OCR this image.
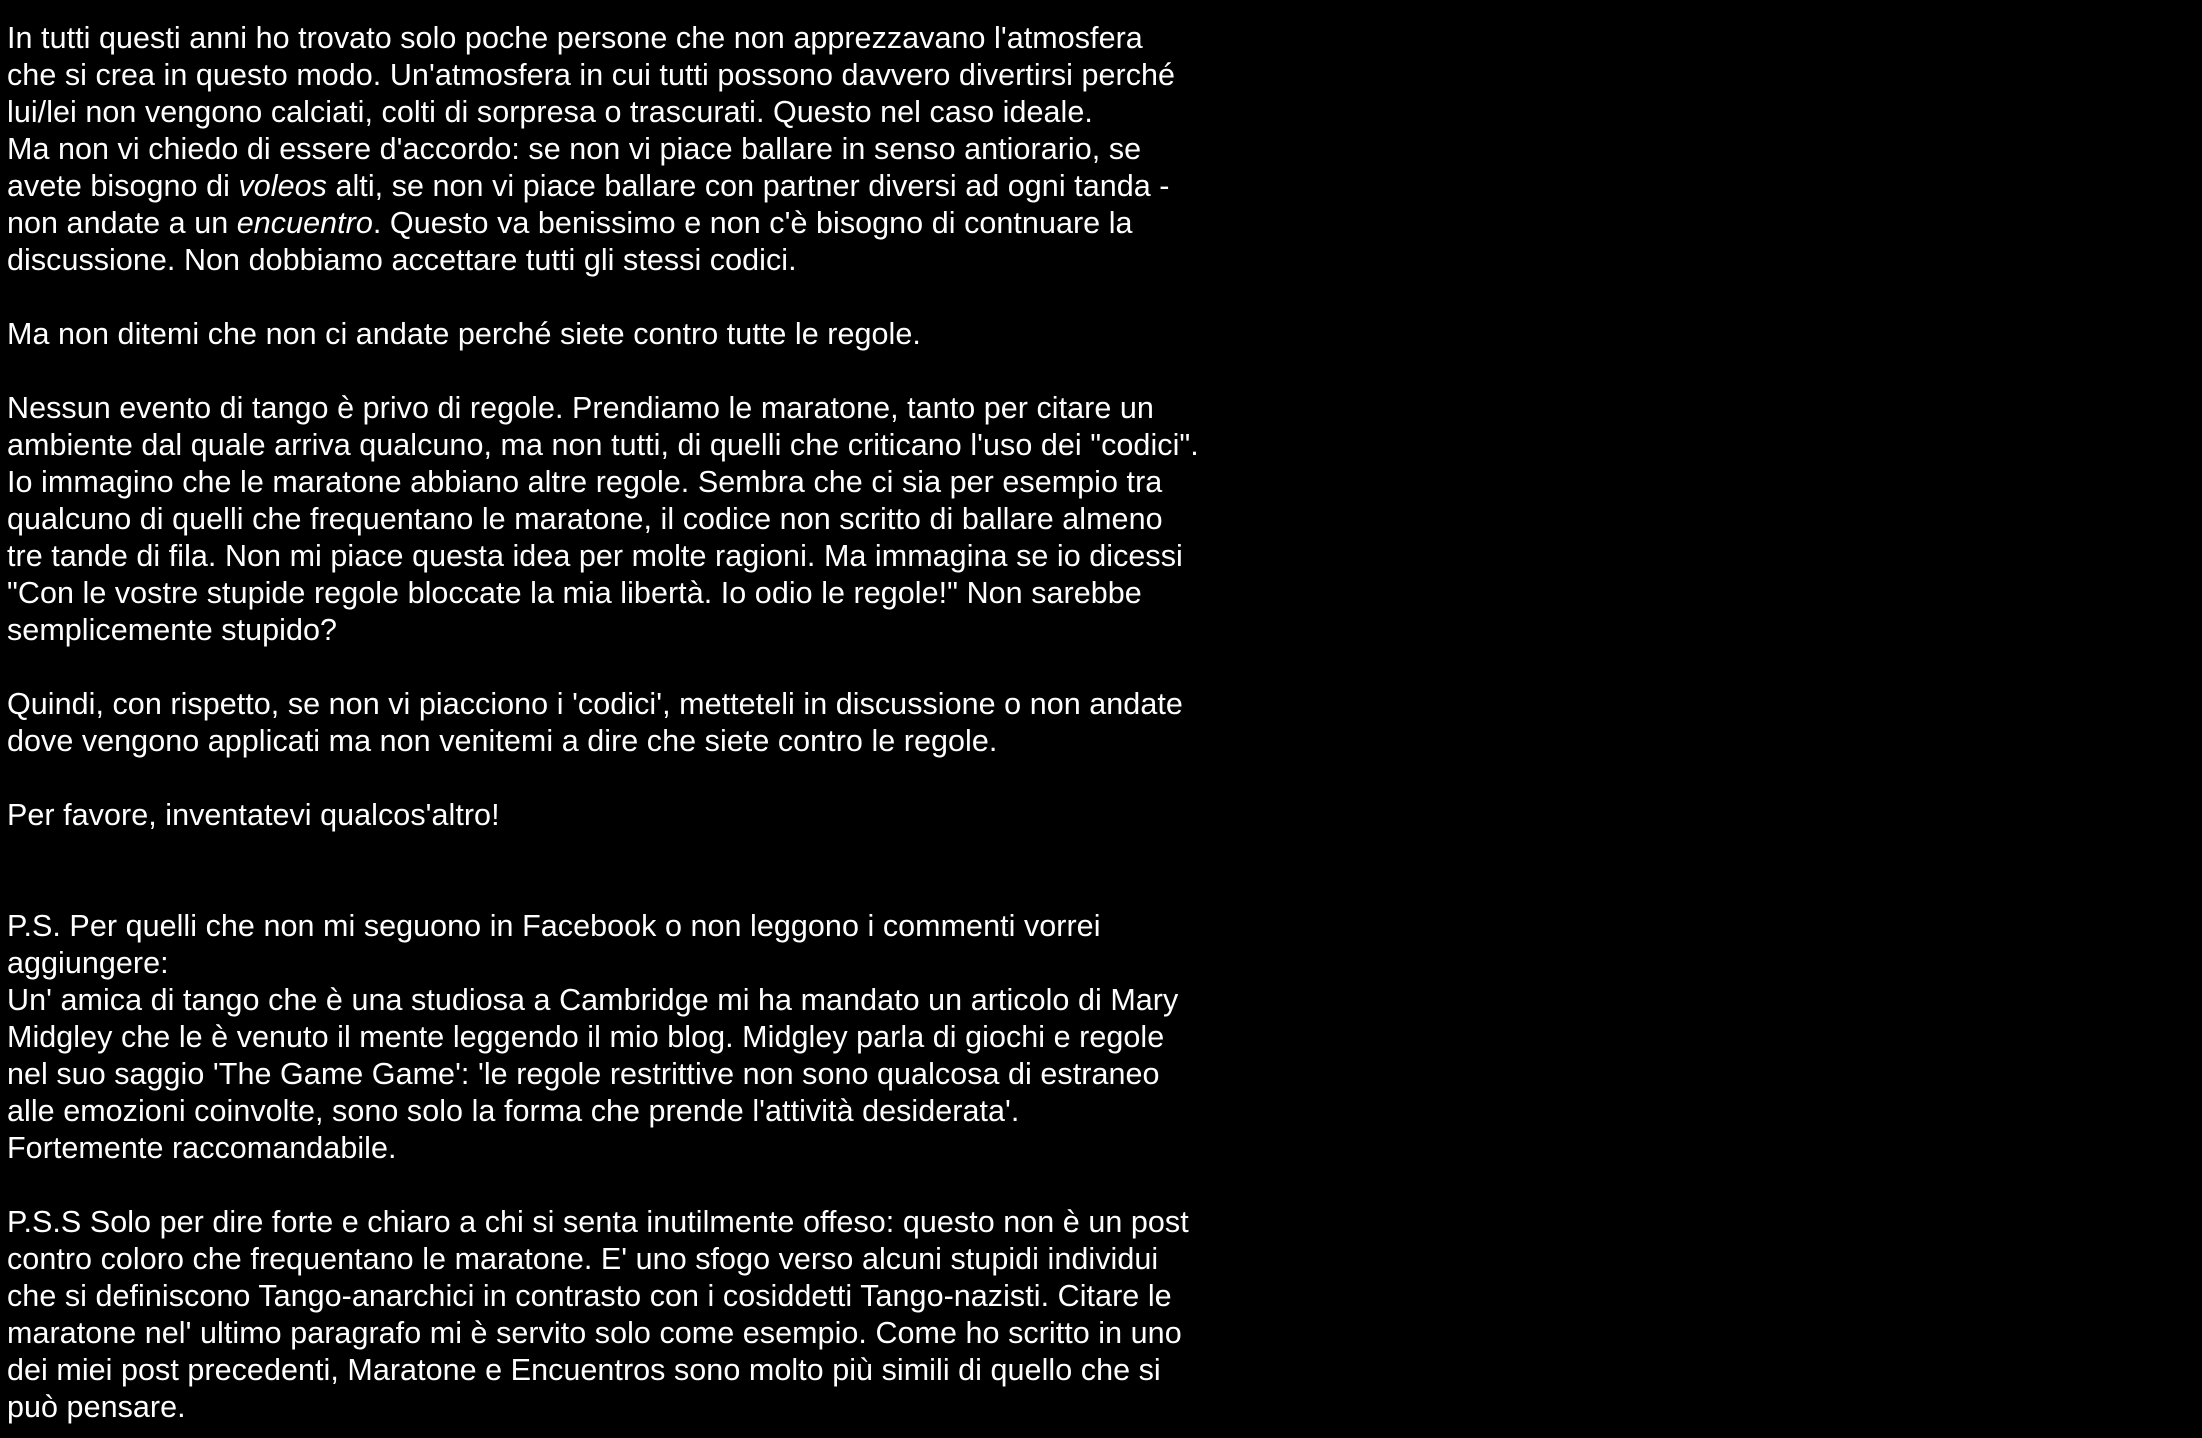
In tutti questi anni ho trovato solo poche persone che non apprezzavano l'atmosfera
che si crea in questo modo. Un'atmosfera in cui tutti possono davvero divertirsi perché
lui/lei non vengono calciati, colti di sorpresa o trascurati. Questo nel caso ideale.
Ma non vi chiedo di essere d'accordo: se non vi piace ballare in senso antiorario, se
avete bisogno di voleos alti, se non vi piace ballare con partner diversi ad ogni tanda -
non andate a un encuentro. Questo va benissimo e non c'è bisogno di contnuare la
discussione. Non dobbiamo accettare tutti gli stessi codici.
Ma non ditemi che non ci andate perché siete contro tutte le regole.
Nessun evento di tango è privo di regole. Prendiamo le maratone, tanto per citare un
ambiente dal quale arriva qualcuno, ma non tutti, di quelli che criticano l'uso dei "codici".
Io immagino che le maratone abbiano altre regole. Sembra che ci sia per esempio tra
qualcuno di quelli che frequentano le maratone, il codice non scritto di ballare almeno
tre tande di fila. Non mi piace questa idea per molte ragioni. Ma immagina se io dicessi
"Con le vostre stupide regole bloccate la mia libertà. Io odio le regole!" Non sarebbe
semplicemente stupido?
Quindi, con rispetto, se non vi piacciono i 'codici', metteteli in discussione o non andate
dove vengono applicati ma non venitemi a dire che siete contro le regole.
Per favore, inventatevi qualcos'altro!
P.S. Per quelli che non mi seguono in Facebook o non leggono i commenti vorrei
aggiungere:
Un' amica di tango che è una studiosa a Cambridge mi ha mandato un articolo di Mary
Midgley che le è venuto il mente leggendo il mio blog. Midgley parla di giochi e regole
nel suo saggio 'The Game Game': 'le regole restrittive non sono qualcosa di estraneo
alle emozioni coinvolte, sono solo la forma che prende l'attività desiderata'.
Fortemente raccomandabile.
P.S.S Solo per dire forte e chiaro a chi si senta inutilmente offeso: questo non è un post
contro coloro che frequentano le maratone. E' uno sfogo verso alcuni stupidi individui
che si definiscono Tango-anarchici in contrasto con i cosiddetti Tango-nazisti. Citare le
maratone nel' ultimo paragrafo mi è servito solo come esempio. Come ho scritto in uno
dei miei post precedenti, Maratone e Encuentros sono molto più simili di quello che si
può pensare.
